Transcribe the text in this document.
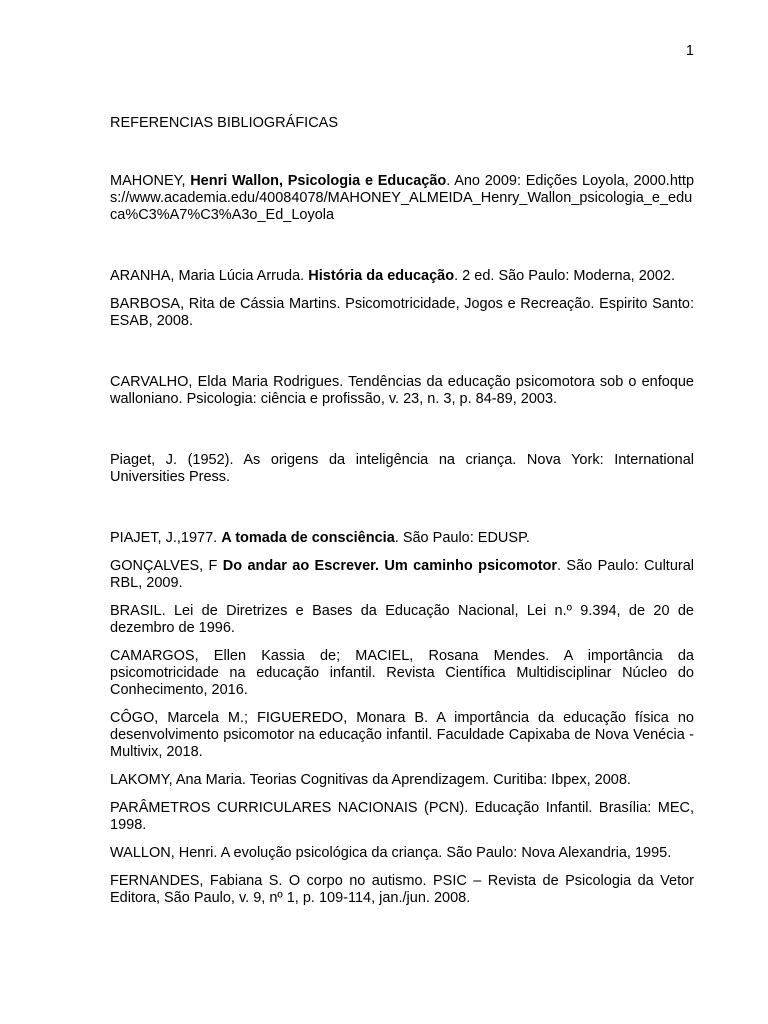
1
REFERENCIAS BIBLIOGRÁFICAS

MAHONEY, Henri Wallon, Psicologia e Educação. Ano 2009: Edições Loyola, 2000.https://www.academia.edu/40084078/MAHONEY_ALMEIDA_Henry_Wallon_psicologia_e_educa%C3%A7%C3%A3o_Ed_Loyola

ARANHA, Maria Lúcia Arruda. História da educação. 2 ed. São Paulo: Moderna, 2002.

BARBOSA, Rita de Cássia Martins. Psicomotricidade, Jogos e Recreação. Espirito Santo: ESAB, 2008.

CARVALHO, Elda Maria Rodrigues. Tendências da educação psicomotora sob o enfoque walloniano. Psicologia: ciência e profissão, v. 23, n. 3, p. 84-89, 2003.

Piaget, J. (1952). As origens da inteligência na criança. Nova York: International Universities Press.

PIAJET, J.,1977. A tomada de consciência. São Paulo: EDUSP.

GONÇALVES, F Do andar ao Escrever. Um caminho psicomotor. São Paulo: Cultural RBL, 2009.

BRASIL. Lei de Diretrizes e Bases da Educação Nacional, Lei n.º 9.394, de 20 de dezembro de 1996.

CAMARGOS, Ellen Kassia de; MACIEL, Rosana Mendes. A importância da psicomotricidade na educação infantil. Revista Científica Multidisciplinar Núcleo do Conhecimento, 2016.

CÔGO, Marcela M.; FIGUEREDO, Monara B. A importância da educação física no desenvolvimento psicomotor na educação infantil. Faculdade Capixaba de Nova Venécia - Multivix, 2018.

LAKOMY, Ana Maria. Teorias Cognitivas da Aprendizagem. Curitiba: Ibpex, 2008.

PARÂMETROS CURRICULARES NACIONAIS (PCN). Educação Infantil. Brasília: MEC, 1998.

WALLON, Henri. A evolução psicológica da criança. São Paulo: Nova Alexandria, 1995.

FERNANDES, Fabiana S. O corpo no autismo. PSIC – Revista de Psicologia da Vetor Editora, São Paulo, v. 9, nº 1, p. 109-114, jan./jun. 2008.
